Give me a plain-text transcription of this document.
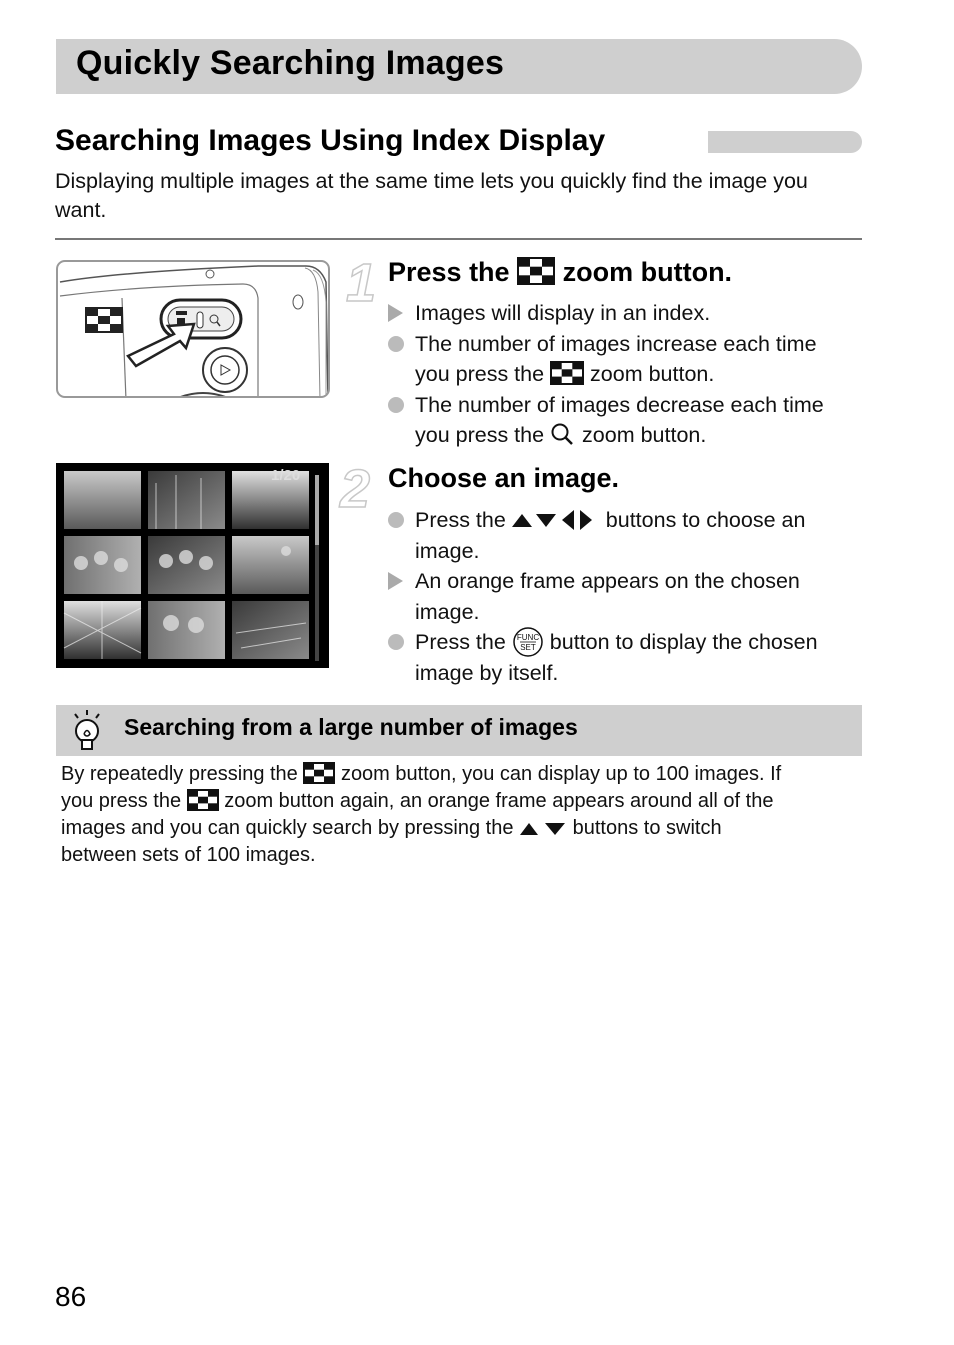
Quickly Searching Images
Searching Images Using Index Display
Displaying multiple images at the same time lets you quickly find the image you want.
1/20
1 Press the zoom button.
Images will display in an index.
The number of images increase each time
you press the zoom button.
The number of images decrease each time
you press the zoom button.
2 Choose an image.
Press the	buttons to choose an
image.
An orange frame appears on the chosen
image.
Press the FUNC
SET button to display the chosen
image by itself.
Searching from a large number of images
By repeatedly pressing the zoom button, you can display up to 100 images. If
you press the zoom button again, an orange frame appears around all of the
images and you can quickly search by pressing the	buttons to switch
between sets of 100 images.
86
